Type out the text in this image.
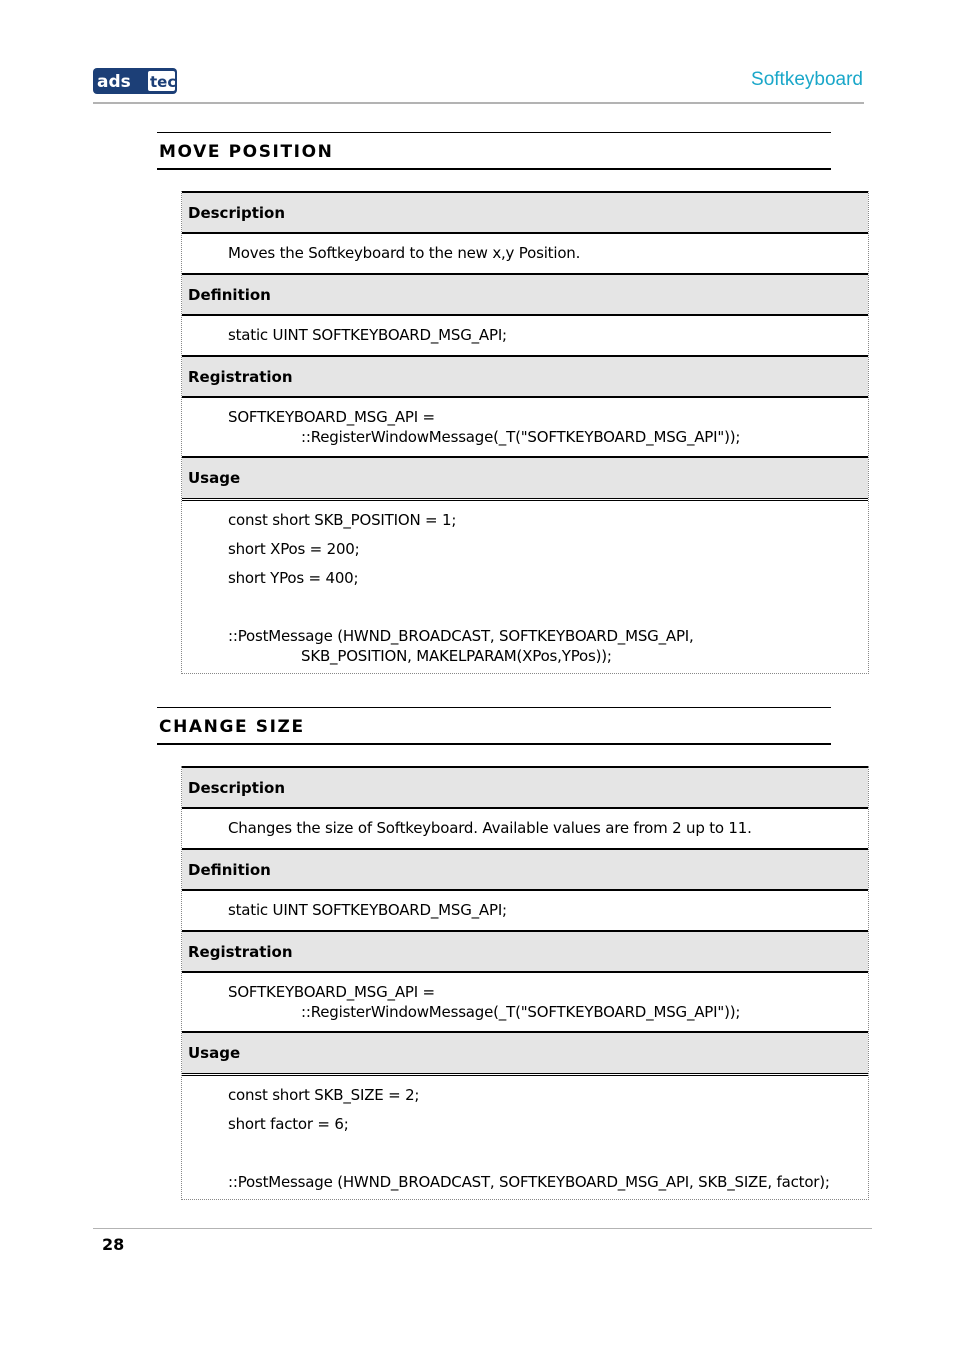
ads tec	Softkeyboard
MOVE POSITION
Description
Moves the Softkeyboard to the new x,y Position.
Definition
static UINT SOFTKEYBOARD_MSG_API;
Registration
SOFTKEYBOARD_MSG_API =
::RegisterWindowMessage(_T("SOFTKEYBOARD_MSG_API"));
Usage
const short SKB_POSITION = 1;
short XPos = 200;
short YPos = 400;
::PostMessage (HWND_BROADCAST, SOFTKEYBOARD_MSG_API,
SKB_POSITION, MAKELPARAM(XPos,YPos));
CHANGE SIZE
Description
Changes the size of Softkeyboard. Available values are from 2 up to 11.
Definition
static UINT SOFTKEYBOARD_MSG_API;
Registration
SOFTKEYBOARD_MSG_API =
::RegisterWindowMessage(_T("SOFTKEYBOARD_MSG_API"));
Usage
const short SKB_SIZE = 2;
short factor = 6;
::PostMessage (HWND_BROADCAST, SOFTKEYBOARD_MSG_API, SKB_SIZE, factor);
28
